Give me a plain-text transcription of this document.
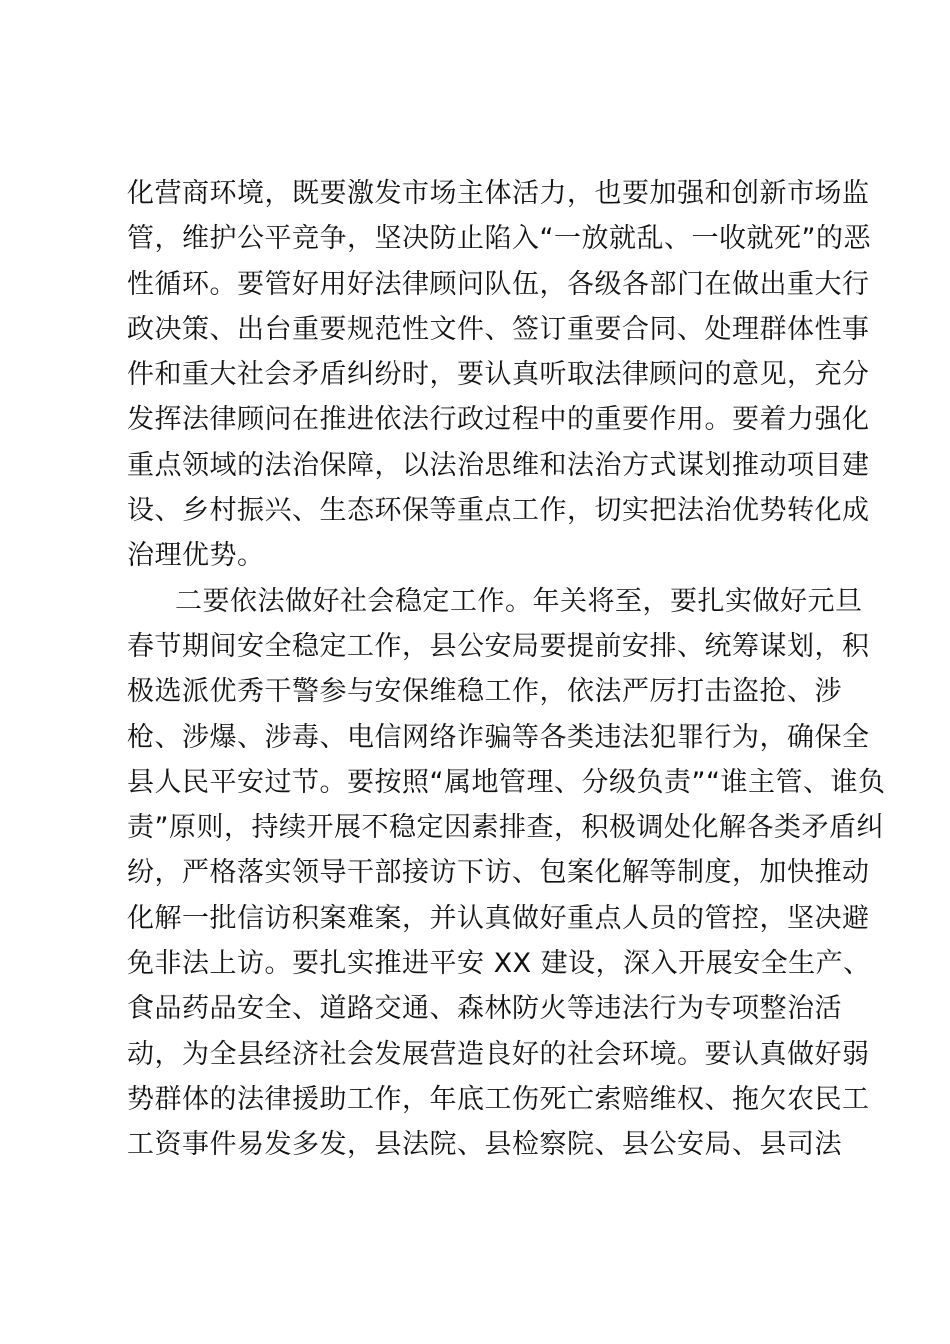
化营商环境，既要激发市场主体活力，也要加强和创新市场监
管，维护公平竞争，坚决防止陷入“一放就乱、一收就死”的恶
性循环。要管好用好法律顾问队伍，各级各部门在做出重大行
政决策、出台重要规范性文件、签订重要合同、处理群体性事
件和重大社会矛盾纠纷时，要认真听取法律顾问的意见，充分
发挥法律顾问在推进依法行政过程中的重要作用。要着力强化
重点领域的法治保障，以法治思维和法治方式谋划推动项目建
设、乡村振兴、生态环保等重点工作，切实把法治优势转化成
治理优势。
二要依法做好社会稳定工作。年关将至，要扎实做好元旦
春节期间安全稳定工作，县公安局要提前安排、统筹谋划，积
极选派优秀干警参与安保维稳工作，依法严厉打击盗抢、涉
枪、涉爆、涉毒、电信网络诈骗等各类违法犯罪行为，确保全
县人民平安过节。要按照“属地管理、分级负责”“谁主管、谁负
责”原则，持续开展不稳定因素排查，积极调处化解各类矛盾纠
纷，严格落实领导干部接访下访、包案化解等制度，加快推动
化解一批信访积案难案，并认真做好重点人员的管控，坚决避
免非法上访。要扎实推进平安 XX 建设，深入开展安全生产、
食品药品安全、道路交通、森林防火等违法行为专项整治活
动，为全县经济社会发展营造良好的社会环境。要认真做好弱
势群体的法律援助工作，年底工伤死亡索赔维权、拖欠农民工
工资事件易发多发，县法院、县检察院、县公安局、县司法
